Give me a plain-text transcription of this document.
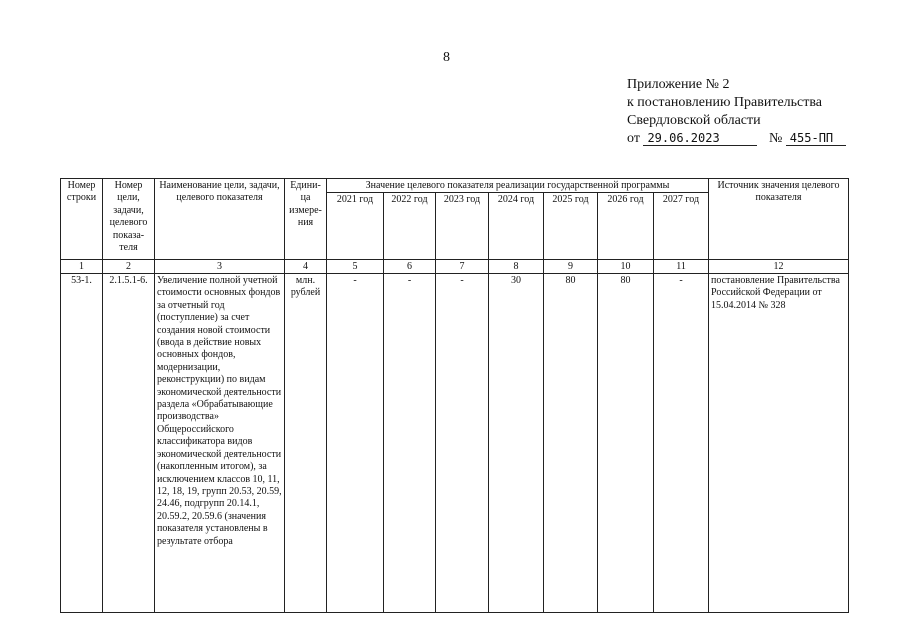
8
Приложение № 2
к постановлению Правительства
Свердловской области
от 29.06.2023	№ 455-ПП
Номер строки	Номер цели, задачи, целевого показа-теля	Наименование цели, задачи, целевого показателя	Едини-ца измере-ния	Значение целевого показателя реализации государственной программы							Источник значения целевого показателя
				2021 год	2022 год	2023 год	2024 год	2025 год	2026 год	2027 год	
1	2	3	4	5	6	7	8	9	10	11	12
53-1.	2.1.5.1-6.	Увеличение полной учетной стоимости основных фондов за отчетный год (поступление) за счет создания новой стоимости (ввода в действие новых основных фондов, модернизации, реконструкции) по видам экономической деятельности раздела «Обрабатывающие производства» Общероссийского классификатора видов экономической деятельности (накопленным итогом), за исключением классов 10, 11, 12, 18, 19, групп 20.53, 20.59, 24.46, подгрупп 20.14.1, 20.59.2, 20.59.6 (значения показателя установлены в результате отбора	млн. рублей	-	-	-	30	80	80	-	постановление Правительства Российской Федерации от 15.04.2014 № 328
